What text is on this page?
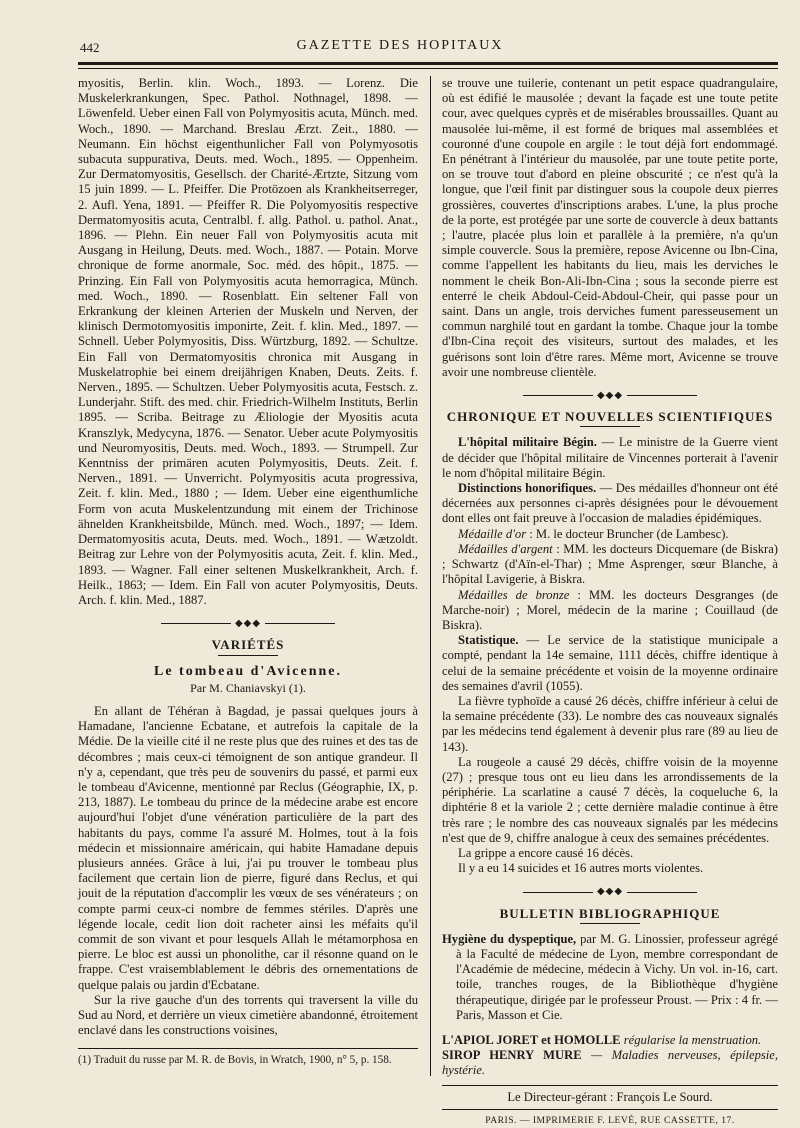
442	GAZETTE DES HOPITAUX

myositis, Berlin. klin. Woch., 1893. — Lorenz. Die Muskelerkrankungen, Spec. Pathol. Nothnagel, 1898. — Löwenfeld. Ueber einen Fall von Polymyositis acuta, Münch. med. Woch., 1890. — Marchand. Breslau Ærzt. Zeit., 1880. — Neumann. Ein höchst eigenthunlicher Fall von Polymyosotis subacuta suppurativa, Deuts. med. Woch., 1895. — Oppenheim. Zur Dermatomyositis, Gesellsch. der Charité-Ærtzte, Sitzung vom 15 juin 1899. — L. Pfeiffer. Die Protözoen als Krankheitserreger, 2. Aufl. Yena, 1891. — Pfeiffer R. Die Polyomyositis respective Dermatomyositis acuta, Centralbl. f. allg. Pathol. u. pathol. Anat., 1896. — Plehn. Ein neuer Fall von Polymyositis acuta mit Ausgang in Heilung, Deuts. med. Woch., 1887. — Potain. Morve chronique de forme anormale, Soc. méd. des hôpit., 1875. — Prinzing. Ein Fall von Polymyositis acuta hemorragica, Münch. med. Woch., 1890. — Rosenblatt. Ein seltener Fall von Erkrankung der kleinen Arterien der Muskeln und Nerven, der klinisch Dermotomyositis imponirte, Zeit. f. klin. Med., 1897. — Schnell. Ueber Polymyositis, Diss. Würtzburg, 1892. — Schultze. Ein Fall von Dermatomyositis chronica mit Ausgang in Muskelatrophie bei einem dreijährigen Knaben, Deuts. Zeits. f. Nerven., 1895. — Schultzen. Ueber Polymyositis acuta, Festsch. z. Lunderjahr. Stift. des med. chir. Friedrich-Wilhelm Instituts, Berlin 1895. — Scriba. Beitrage zu Æliologie der Myositis acuta Kranszlyk, Medycyna, 1876. — Senator. Ueber acute Polymyositis und Neuromyositis, Deuts. med. Woch., 1893. — Strumpell. Zur Kenntniss der primären acuten Polymyositis, Deuts. Zeit. f. Nerven., 1891. — Unverricht. Polymyositis acuta progressiva, Zeit. f. klin. Med., 1880 ; — Idem. Ueber eine eigenthumliche Form von acuta Muskelentzundung mit einem der Trichinose ähnelden Krankheitsbilde, Münch. med. Woch., 1897; — Idem. Dermatomyositis acuta, Deuts. med. Woch., 1891. — Wætzoldt. Beitrag zur Lehre von der Polymyositis acuta, Zeit. f. klin. Med., 1893. — Wagner. Fall einer seltenen Muskelkrankheit, Arch. f. Heilk., 1863; — Idem. Ein Fall von acuter Polymyositis, Deuts. Arch. f. klin. Med., 1887.

◆◆◆
VARIÉTÉS
Le tombeau d'Avicenne.
Par M. Chaniavskyi (1).

En allant de Téhéran à Bagdad, je passai quelques jours à Hamadane, l'ancienne Ecbatane, et autrefois la capitale de la Médie. De la vieille cité il ne reste plus que des ruines et des tas de décombres ; mais ceux-ci témoignent de son antique grandeur. Il n'y a, cependant, que très peu de souvenirs du passé, et parmi eux le tombeau d'Avicenne, mentionné par Reclus (Géographie, IX, p. 213, 1887). Le tombeau du prince de la médecine arabe est encore aujourd'hui l'objet d'une vénération particulière de la part des habitants du pays, comme l'a assuré M. Holmes, tout à la fois médecin et missionnaire américain, qui habite Hamadane depuis plusieurs années. Grâce à lui, j'ai pu trouver le tombeau plus facilement que certain lion de pierre, figuré dans Reclus, et qui jouit de la réputation d'accomplir les vœux de ses vénérateurs ; on compte parmi ceux-ci nombre de femmes stériles. D'après une légende locale, cedit lion doit racheter ainsi les méfaits qu'il commit de son vivant et pour lesquels Allah le métamorphosa en pierre. Le bloc est aussi un phonolithe, car il résonne quand on le frappe. C'est vraisemblablement le débris des ornementations de quelque palais ou jardin d'Ecbatane.

Sur la rive gauche d'un des torrents qui traversent la ville du Sud au Nord, et derrière un vieux cimetière abandonné, étroitement enclavé dans les constructions voisines,

(1) Traduit du russe par M. R. de Bovis, in Wratch, 1900, n° 5, p. 158.

se trouve une tuilerie, contenant un petit espace quadrangulaire, où est édifié le mausolée ; devant la façade est une toute petite cour, avec quelques cyprès et de misérables broussailles. Quant au mausolée lui-même, il est formé de briques mal assemblées et couronné d'une coupole en argile : le tout déjà fort endommagé. En pénétrant à l'intérieur du mausolée, par une toute petite porte, on se trouve tout d'abord en pleine obscurité ; ce n'est qu'à la longue, que l'œil finit par distinguer sous la coupole deux pierres grossières, couvertes d'inscriptions arabes. L'une, la plus proche de la porte, est protégée par une sorte de couvercle à deux battants ; l'autre, placée plus loin et parallèle à la première, n'a qu'un simple couvercle. Sous la première, repose Avicenne ou Ibn-Cina, comme l'appellent les habitants du lieu, mais les derviches le nomment le cheik Bon-Ali-Ibn-Cina ; sous la seconde pierre est enterré le cheik Abdoul-Ceid-Abdoul-Cheir, qui passe pour un saint. Dans un angle, trois derviches fument paresseusement un commun narghilé tout en gardant la tombe. Chaque jour la tombe d'Ibn-Cina reçoit des visiteurs, surtout des malades, et les guérisons sont loin d'être rares. Même mort, Avicenne se trouve avoir une nombreuse clientèle.

◆◆◆
CHRONIQUE ET NOUVELLES SCIENTIFIQUES

L'hôpital militaire Bégin. — Le ministre de la Guerre vient de décider que l'hôpital militaire de Vincennes porterait à l'avenir le nom d'hôpital militaire Bégin.

Distinctions honorifiques. — Des médailles d'honneur ont été décernées aux personnes ci-après désignées pour le dévouement dont elles ont fait preuve à l'occasion de maladies épidémiques.

Médaille d'or : M. le docteur Bruncher (de Lambesc).

Médailles d'argent : MM. les docteurs Dicquemare (de Biskra) ; Schwartz (d'Aïn-el-Thar) ; Mme Asprenger, sœur Blanche, à l'hôpital Lavigerie, à Biskra.

Médailles de bronze : MM. les docteurs Desgranges (de Marche-noir) ; Morel, médecin de la marine ; Couillaud (de Biskra).

Statistique. — Le service de la statistique municipale a compté, pendant la 14e semaine, 1111 décès, chiffre identique à celui de la semaine précédente et voisin de la moyenne ordinaire des semaines d'avril (1055).

La fièvre typhoïde a causé 26 décès, chiffre inférieur à celui de la semaine précédente (33). Le nombre des cas nouveaux signalés par les médecins tend également à devenir plus rare (89 au lieu de 143).

La rougeole a causé 29 décès, chiffre voisin de la moyenne (27) ; presque tous ont eu lieu dans les arrondissements de la périphérie. La scarlatine a causé 7 décès, la coqueluche 6, la diphtérie 8 et la variole 2 ; cette dernière maladie continue à être très rare ; le nombre des cas nouveaux signalés par les médecins n'est que de 9, chiffre analogue à ceux des semaines précédentes.

La grippe a encore causé 16 décès.

Il y a eu 14 suicides et 16 autres morts violentes.

◆◆◆
BULLETIN BIBLIOGRAPHIQUE

Hygiène du dyspeptique, par M. G. Linossier, professeur agrégé à la Faculté de médecine de Lyon, membre correspondant de l'Académie de médecine, médecin à Vichy. Un vol. in-16, cart. toile, tranches rouges, de la Bibliothèque d'hygiène thérapeutique, dirigée par le professeur Proust. — Prix : 4 fr. — Paris, Masson et Cie.

L'APIOL JORET et HOMOLLE régularise la menstruation.
SIROP HENRY MURE — Maladies nerveuses, épilepsie, hystérie.
Le Directeur-gérant : François Le Sourd.
PARIS. — IMPRIMERIE F. LEVÉ, RUE CASSETTE, 17.
